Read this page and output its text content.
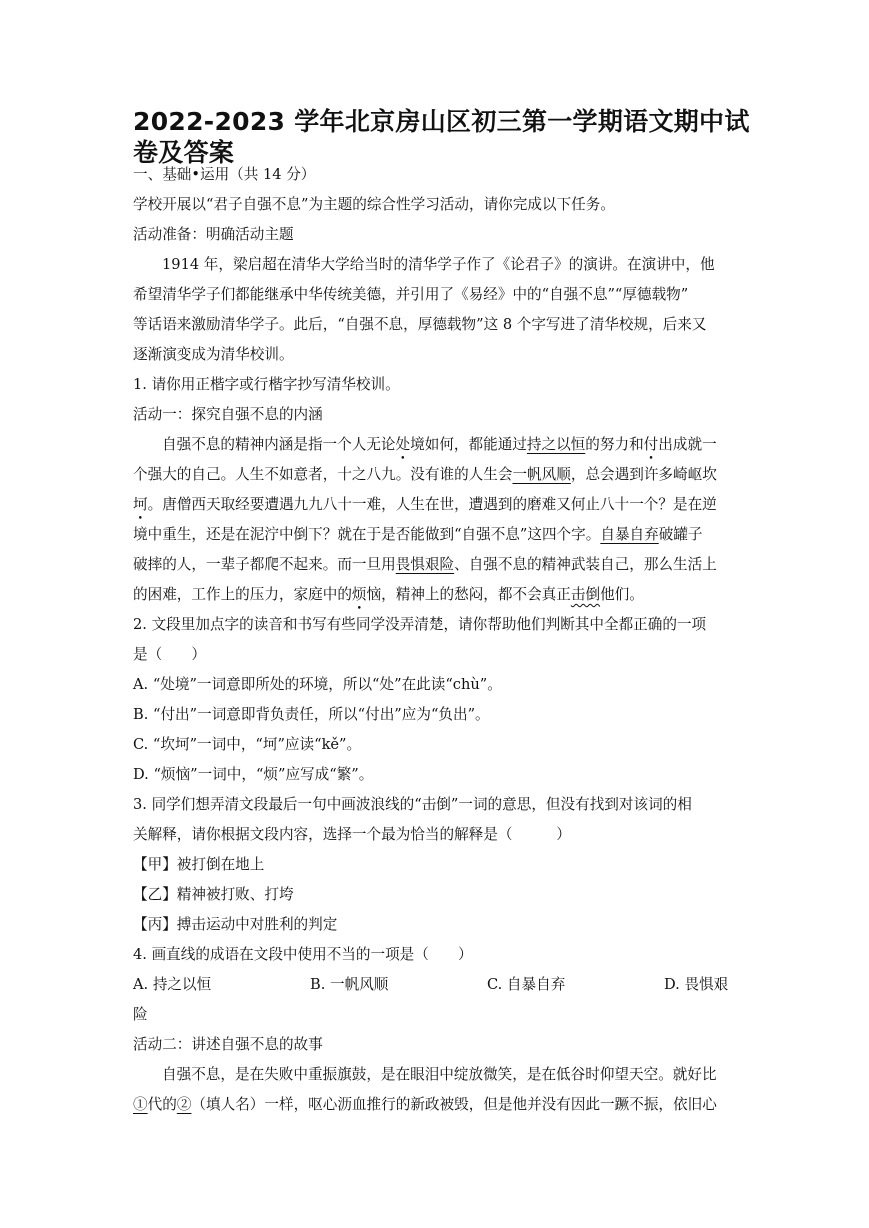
2022-2023 学年北京房山区初三第一学期语文期中试卷及答案
一、基础•运用（共 14 分）
学校开展以“君子自强不息”为主题的综合性学习活动，请你完成以下任务。
活动准备：明确活动主题
1914 年，梁启超在清华大学给当时的清华学子作了《论君子》的演讲。在演讲中，他
希望清华学子们都能继承中华传统美德，并引用了《易经》中的“自强不息”“厚德载物”
等话语来激励清华学子。此后，“自强不息，厚德载物”这 8 个字写进了清华校规，后来又
逐渐演变成为清华校训。
1. 请你用正楷字或行楷字抄写清华校训。
活动一：探究自强不息的内涵
自强不息的精神内涵是指一个人无论处境如何，都能通过持之以恒的努力和付出成就一
个强大的自己。人生不如意者，十之八九。没有谁的人生会一帆风顺，总会遇到许多崎岖坎
坷。唐僧西天取经要遭遇九九八十一难，人生在世，遭遇到的磨难又何止八十一个？是在逆
境中重生，还是在泥泞中倒下？就在于是否能做到“自强不息”这四个字。自暴自弃破罐子
破摔的人，一辈子都爬不起来。而一旦用畏惧艰险、自强不息的精神武装自己，那么生活上
的困难，工作上的压力，家庭中的烦恼，精神上的愁闷，都不会真正击倒他们。
2. 文段里加点字的读音和书写有些同学没弄清楚，请你帮助他们判断其中全都正确的一项
是（　　）
A. “处境”一词意即所处的环境，所以“处”在此读“chù”。
B. “付出”一词意即背负责任，所以“付出”应为“负出”。
C. “坎坷”一词中，“坷”应读“kě”。
D. “烦恼”一词中，“烦”应写成“繁”。
3. 同学们想弄清文段最后一句中画波浪线的“击倒”一词的意思，但没有找到对该词的相
关解释，请你根据文段内容，选择一个最为恰当的解释是（　　　）
【甲】被打倒在地上
【乙】精神被打败、打垮
【丙】搏击运动中对胜利的判定
4. 画直线的成语在文段中使用不当的一项是（　　）
A. 持之以恒	B. 一帆风顺	C. 自暴自弃	D. 畏惧艰
险
活动二：讲述自强不息的故事
自强不息，是在失败中重振旗鼓，是在眼泪中绽放微笑，是在低谷时仰望天空。就好比
①代的②（填人名）一样，呕心沥血推行的新政被毁，但是他并没有因此一蹶不振，依旧心
